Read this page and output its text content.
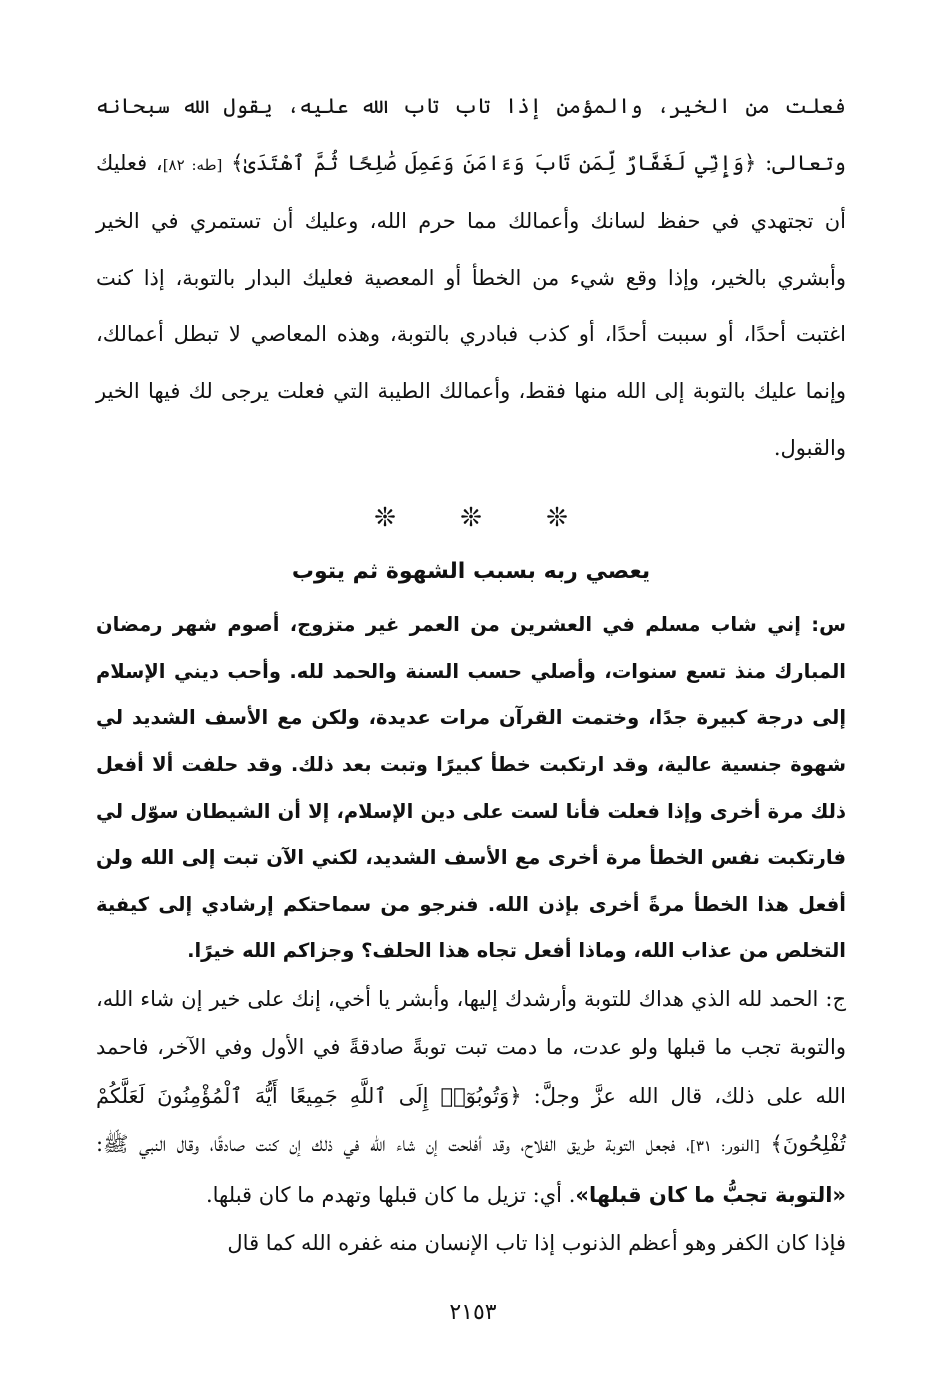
فعلت من الخير، والمؤمن إذا تاب تاب الله عليه، يقول الله سبحانه وتعالى: ﴿وَإِنِّي لَغَفَّارٌ لِّمَن تَابَ وَءَامَنَ وَعَمِلَ صَٰلِحًا ثُمَّ ٱهْتَدَىٰ﴾ [طه: ٨٢]، فعليك أن تجتهدي في حفظ لسانك وأعمالك مما حرم الله، وعليك أن تستمري في الخير وأبشري بالخير، وإذا وقع شيء من الخطأ أو المعصية فعليك البدار بالتوبة، إذا كنت اغتبت أحدًا، أو سببت أحدًا، أو كذب فبادري بالتوبة، وهذه المعاصي لا تبطل أعمالك، وإنما عليك بالتوبة إلى الله منها فقط، وأعمالك الطيبة التي فعلت يرجى لك فيها الخير والقبول.

❊ ❊ ❊
يعصي ربه بسبب الشهوة ثم يتوب

س: إني شاب مسلم في العشرين من العمر غير متزوج، أصوم شهر رمضان المبارك منذ تسع سنوات، وأصلي حسب السنة والحمد لله. وأحب ديني الإسلام إلى درجة كبيرة جدًا، وختمت القرآن مرات عديدة، ولكن مع الأسف الشديد لي شهوة جنسية عالية، وقد ارتكبت خطأ كبيرًا وتبت بعد ذلك. وقد حلفت ألا أفعل ذلك مرة أخرى وإذا فعلت فأنا لست على دين الإسلام، إلا أن الشيطان سوّل لي فارتكبت نفس الخطأ مرة أخرى مع الأسف الشديد، لكني الآن تبت إلى الله ولن أفعل هذا الخطأ مرةً أخرى بإذن الله. فنرجو من سماحتكم إرشادي إلى كيفية التخلص من عذاب الله، وماذا أفعل تجاه هذا الحلف؟ وجزاكم الله خيرًا.

ج: الحمد لله الذي هداك للتوبة وأرشدك إليها، وأبشر يا أخي، إنك على خير إن شاء الله، والتوبة تجب ما قبلها ولو عدت، ما دمت تبت توبةً صادقةً في الأول وفي الآخر، فاحمد الله على ذلك، قال الله عزَّ وجلَّ: ﴿وَتُوبُوٓا۟ إِلَى ٱللَّهِ جَمِيعًا أَيُّهَ ٱلْمُؤْمِنُونَ لَعَلَّكُمْ تُفْلِحُونَ﴾ [النور: ٣١]، فجعل التوبة طريق الفلاح، وقد أفلحت إن شاء الله في ذلك إن كنت صادقًا، وقال النبي ﷺ: «التوبة تجبُّ ما كان قبلها». أي: تزيل ما كان قبلها وتهدم ما كان قبلها.

فإذا كان الكفر وهو أعظم الذنوب إذا تاب الإنسان منه غفره الله كما قال

٢١٥٣
